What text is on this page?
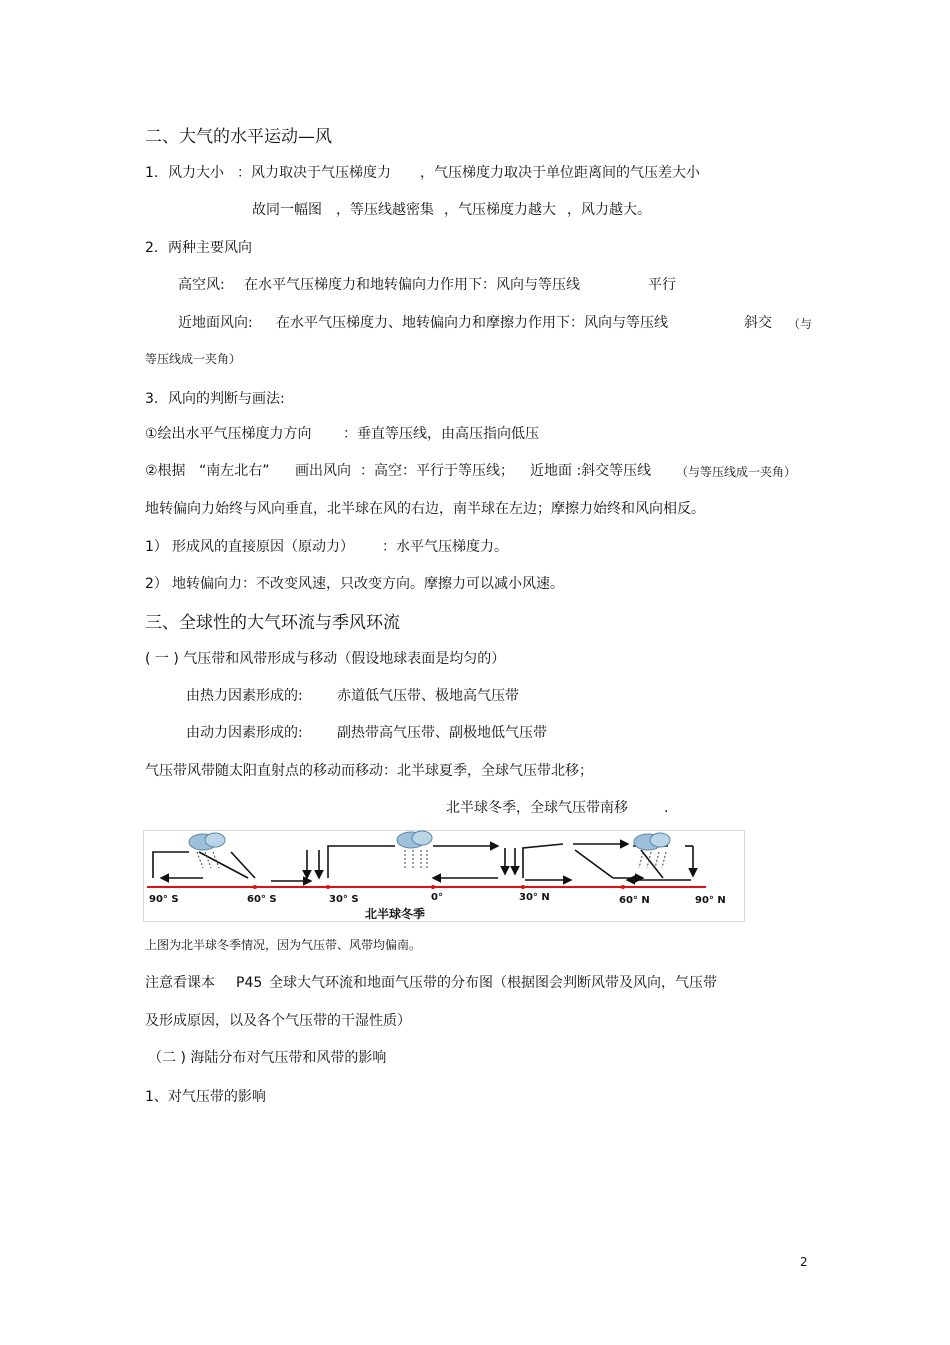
二、大气的水平运动—风
1. 风力大小 ：风力取决于气压梯度力 ，气压梯度力取决于单位距离间的气压差大小
故同一幅图 ，等压线越密集 ，气压梯度力越大 ，风力越大。
2. 两种主要风向
高空风: 在水平气压梯度力和地转偏向力作用下：风向与等压线	平行
近地面风向: 在水平气压梯度力、地转偏向力和摩擦力作用下：风向与等压线	斜交 （与
等压线成一夹角）
3. 风向的判断与画法:
①绘出水平气压梯度力方向 ：垂直等压线，由高压指向低压
②根据 “南左北右” 画出风向 ：高空：平行于等压线； 近地面 :斜交等压线 （与等压线成一夹角）
地转偏向力始终与风向垂直，北半球在风的右边，南半球在左边；摩擦力始终和风向相反。
1） 形成风的直接原因（原动力） ：水平气压梯度力。
2） 地转偏向力：不改变风速，只改变方向。摩擦力可以减小风速。
三、全球性的大气环流与季风环流
( 一 ) 气压带和风带形成与移动（假设地球表面是均匀的）
由热力因素形成的: 赤道低气压带、极地高气压带
由动力因素形成的: 副热带高气压带、副极地低气压带
气压带风带随太阳直射点的移动而移动：北半球夏季，全球气压带北移；
北半球冬季，全球气压带南移	.
90° S	60° S	30° S	0°	30° N	60° N	90° N
北半球冬季
上图为北半球冬季情况，因为气压带、风带均偏南。
注意看课本 P45 全球大气环流和地面气压带的分布图（根据图会判断风带及风向，气压带
及形成原因，以及各个气压带的干湿性质）
（二 ) 海陆分布对气压带和风带的影响
1、对气压带的影响
2
